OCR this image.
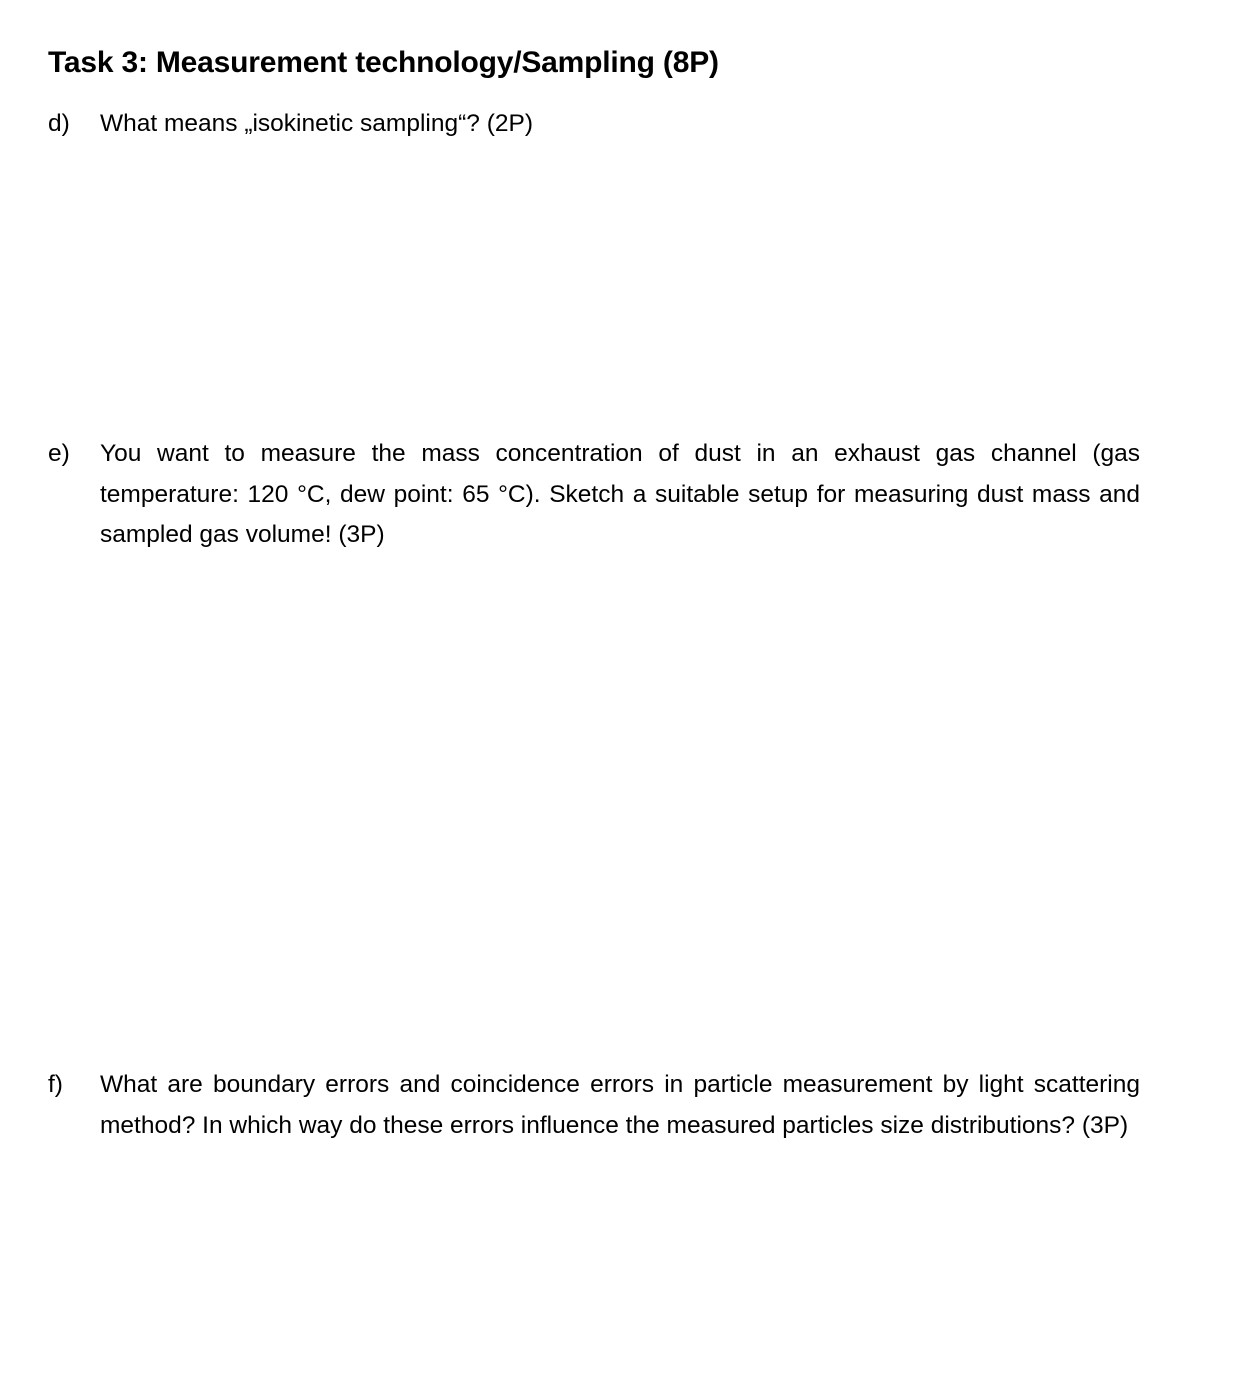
Task 3: Measurement technology/Sampling (8P)
d)	What means „isokinetic sampling“? (2P)
e)	You want to measure the mass concentration of dust in an exhaust gas channel (gas temperature: 120 °C, dew point: 65 °C). Sketch a suitable setup for measuring dust mass and sampled gas volume! (3P)
f)	What are boundary errors and coincidence errors in particle measurement by light scattering method? In which way do these errors influence the measured particles size distributions? (3P)
